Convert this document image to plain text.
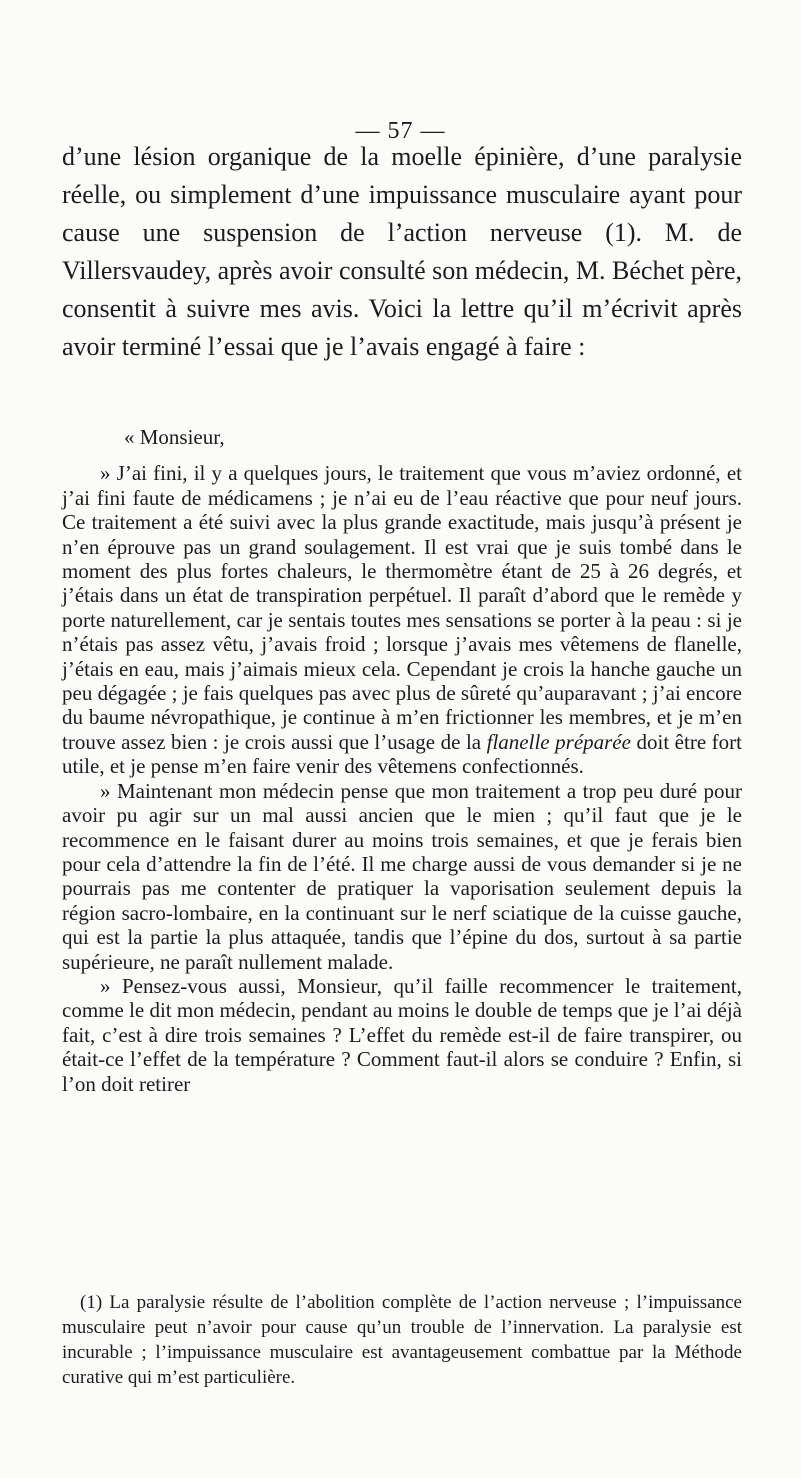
— 57 —

d’une lésion organique de la moelle épinière, d’une paralysie réelle, ou simplement d’une impuissance musculaire ayant pour cause une suspension de l’action nerveuse (1). M. de Villersvaudey, après avoir consulté son médecin, M. Béchet père, consentit à suivre mes avis. Voici la lettre qu’il m’écrivit après avoir terminé l’essai que je l’avais engagé à faire :

« Monsieur,

» J’ai fini, il y a quelques jours, le traitement que vous m’aviez ordonné, et j’ai fini faute de médicamens ; je n’ai eu de l’eau réactive que pour neuf jours. Ce traitement a été suivi avec la plus grande exactitude, mais jusqu’à présent je n’en éprouve pas un grand soulagement. Il est vrai que je suis tombé dans le moment des plus fortes chaleurs, le thermomètre étant de 25 à 26 degrés, et j’étais dans un état de transpiration perpétuel. Il paraît d’abord que le remède y porte naturellement, car je sentais toutes mes sensations se porter à la peau : si je n’étais pas assez vêtu, j’avais froid ; lorsque j’avais mes vêtemens de flanelle, j’étais en eau, mais j’aimais mieux cela. Cependant je crois la hanche gauche un peu dégagée ; je fais quelques pas avec plus de sûreté qu’auparavant ; j’ai encore du baume névropathique, je continue à m’en frictionner les membres, et je m’en trouve assez bien : je crois aussi que l’usage de la flanelle préparée doit être fort utile, et je pense m’en faire venir des vêtemens confectionnés.

» Maintenant mon médecin pense que mon traitement a trop peu duré pour avoir pu agir sur un mal aussi ancien que le mien ; qu’il faut que je le recommence en le faisant durer au moins trois semaines, et que je ferais bien pour cela d’attendre la fin de l’été. Il me charge aussi de vous demander si je ne pourrais pas me contenter de pratiquer la vaporisation seulement depuis la région sacro-lombaire, en la continuant sur le nerf sciatique de la cuisse gauche, qui est la partie la plus attaquée, tandis que l’épine du dos, surtout à sa partie supérieure, ne paraît nullement malade.

» Pensez-vous aussi, Monsieur, qu’il faille recommencer le traitement, comme le dit mon médecin, pendant au moins le double de temps que je l’ai déjà fait, c’est à dire trois semaines ? L’effet du remède est-il de faire transpirer, ou était-ce l’effet de la température ? Comment faut-il alors se conduire ? Enfin, si l’on doit retirer

(1) La paralysie résulte de l’abolition complète de l’action nerveuse ; l’impuissance musculaire peut n’avoir pour cause qu’un trouble de l’innervation. La paralysie est incurable ; l’impuissance musculaire est avantageusement combattue par la Méthode curative qui m’est particulière.
